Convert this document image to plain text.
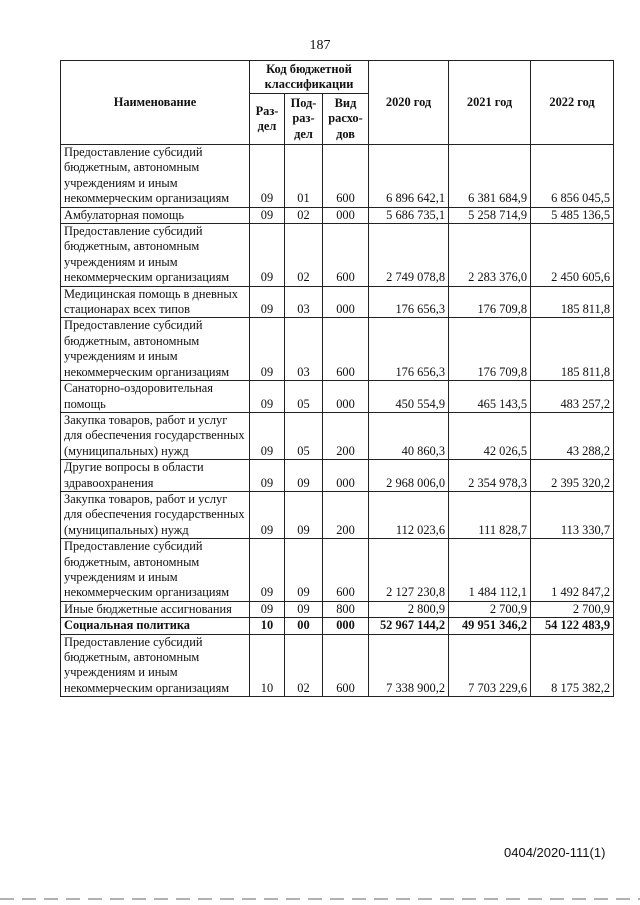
187
Наименование	Код бюджетной классификации			2020 год	2021 год	2022 год
	Раз- дел	Под- раз- дел	Вид расхо- дов			
Предоставление субсидий бюджетным, автономным учреждениям и иным некоммерческим организациям	09	01	600	6 896 642,1	6 381 684,9	6 856 045,5
Амбулаторная помощь	09	02	000	5 686 735,1	5 258 714,9	5 485 136,5
Предоставление субсидий бюджетным, автономным учреждениям и иным некоммерческим организациям	09	02	600	2 749 078,8	2 283 376,0	2 450 605,6
Медицинская помощь в дневных стационарах всех типов	09	03	000	176 656,3	176 709,8	185 811,8
Предоставление субсидий бюджетным, автономным учреждениям и иным некоммерческим организациям	09	03	600	176 656,3	176 709,8	185 811,8
Санаторно-оздоровительная помощь	09	05	000	450 554,9	465 143,5	483 257,2
Закупка товаров, работ и услуг для обеспечения государственных (муниципальных) нужд	09	05	200	40 860,3	42 026,5	43 288,2
Другие вопросы в области здравоохранения	09	09	000	2 968 006,0	2 354 978,3	2 395 320,2
Закупка товаров, работ и услуг для обеспечения государственных (муниципальных) нужд	09	09	200	112 023,6	111 828,7	113 330,7
Предоставление субсидий бюджетным, автономным учреждениям и иным некоммерческим организациям	09	09	600	2 127 230,8	1 484 112,1	1 492 847,2
Иные бюджетные ассигнования	09	09	800	2 800,9	2 700,9	2 700,9
Социальная политика	10	00	000	52 967 144,2	49 951 346,2	54 122 483,9
Предоставление субсидий бюджетным, автономным учреждениям и иным некоммерческим организациям	10	02	600	7 338 900,2	7 703 229,6	8 175 382,2
0404/2020-111(1)
